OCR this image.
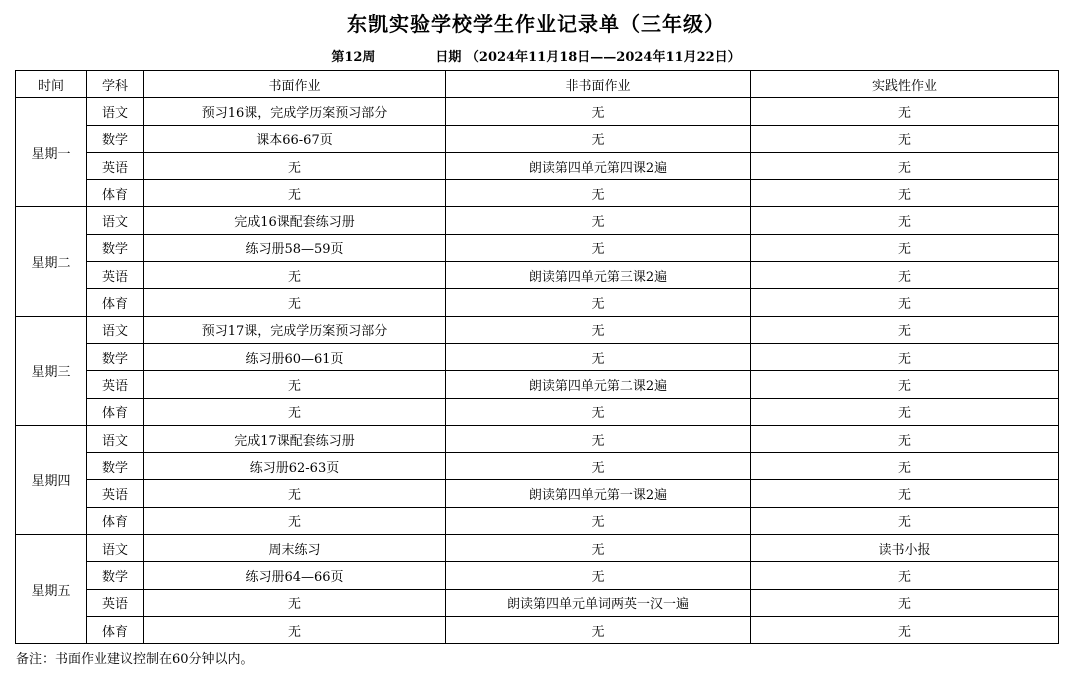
东凯实验学校学生作业记录单（三年级）
第12周	日期 （2024年11月18日——2024年11月22日）
时间	学科	书面作业	非书面作业	实践性作业
星期一	语文	预习16课，完成学历案预习部分	无	无
	数学	课本66-67页	无	无
	英语	无	朗读第四单元第四课2遍	无
	体育	无	无	无
星期二	语文	完成16课配套练习册	无	无
	数学	练习册58—59页	无	无
	英语	无	朗读第四单元第三课2遍	无
	体育	无	无	无
星期三	语文	预习17课，完成学历案预习部分	无	无
	数学	练习册60—61页	无	无
	英语	无	朗读第四单元第二课2遍	无
	体育	无	无	无
星期四	语文	完成17课配套练习册	无	无
	数学	练习册62-63页	无	无
	英语	无	朗读第四单元第一课2遍	无
	体育	无	无	无
星期五	语文	周末练习	无	读书小报
	数学	练习册64—66页	无	无
	英语	无	朗读第四单元单词两英一汉一遍	无
	体育	无	无	无
备注：书面作业建议控制在60分钟以内。
